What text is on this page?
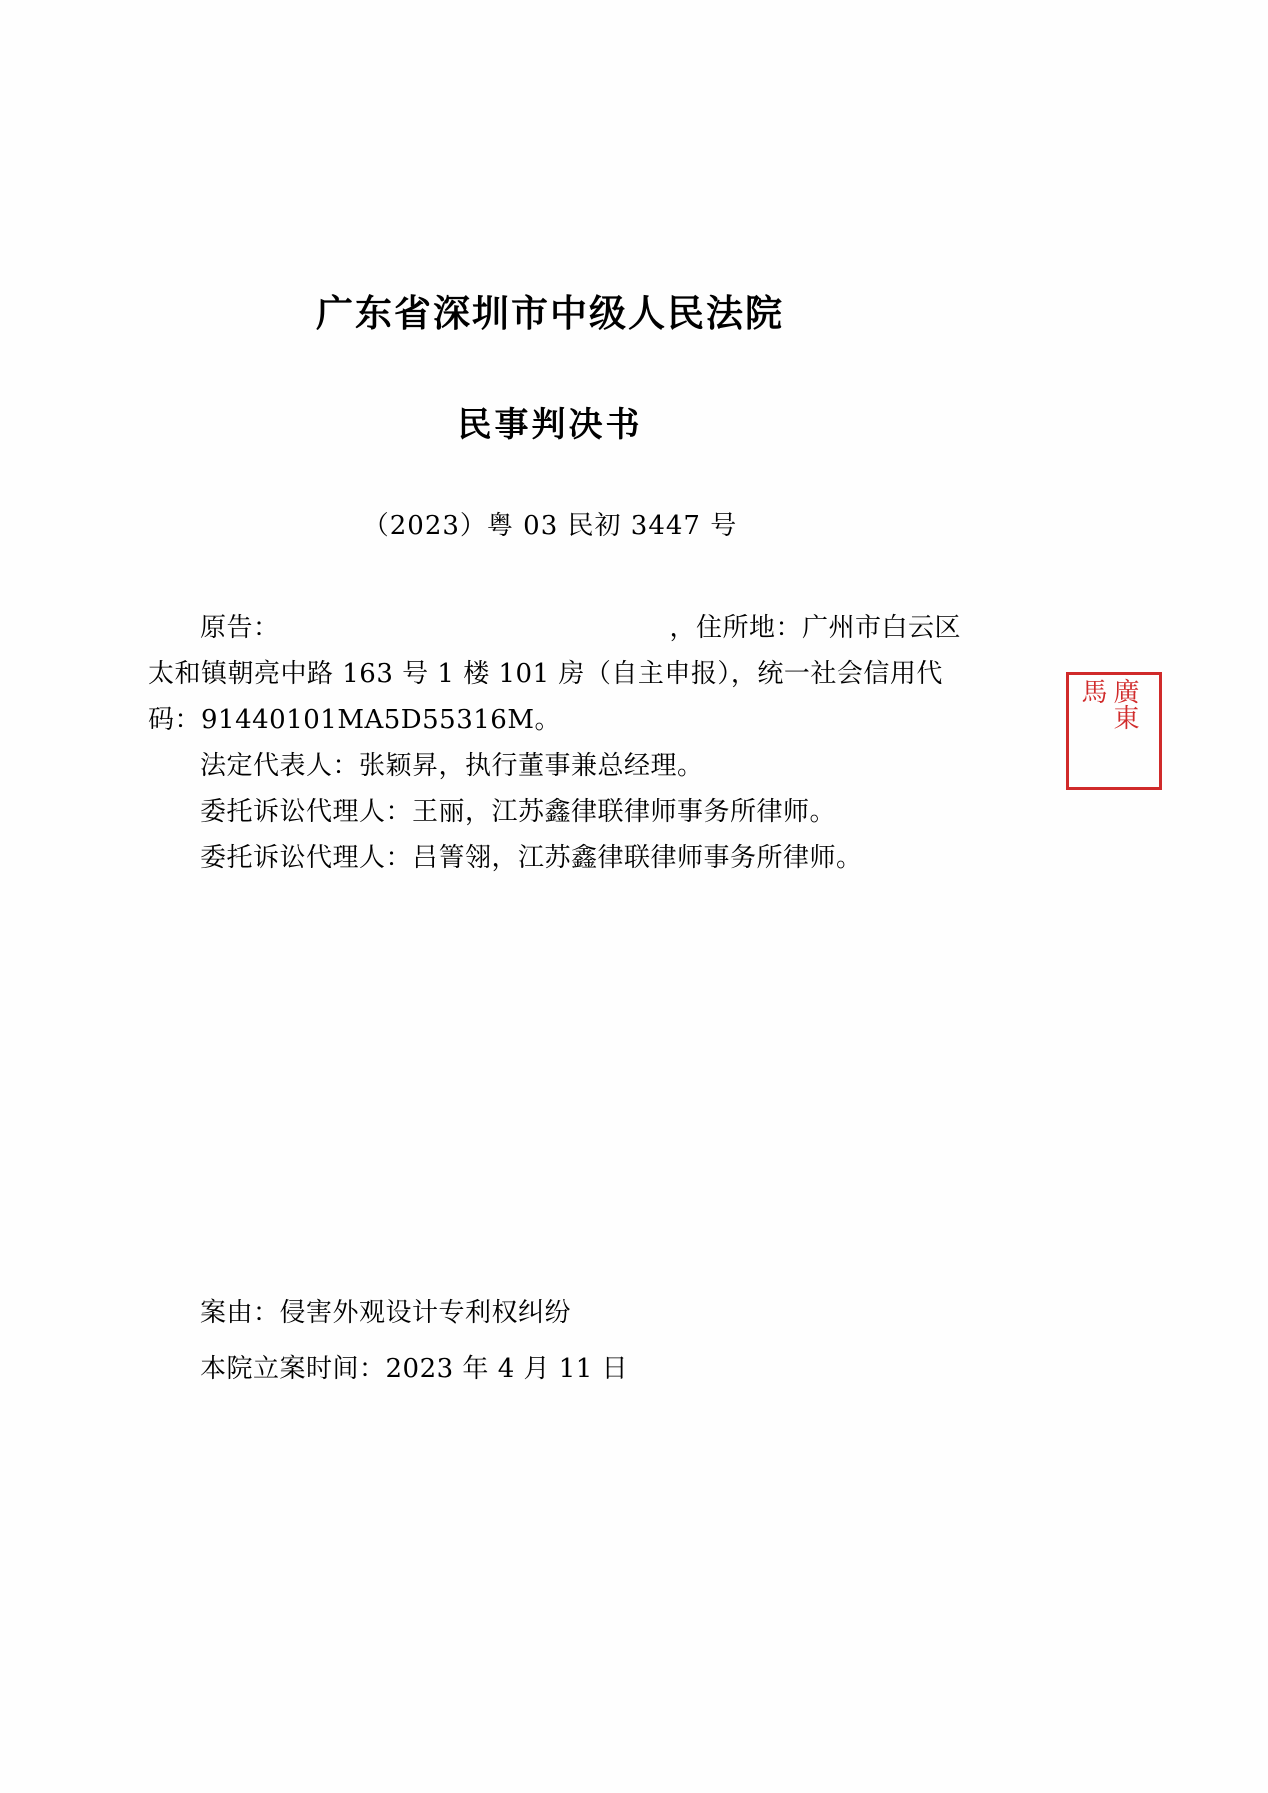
广东省深圳市中级人民法院
民事判决书
（2023）粤 03 民初 3447 号

原告：	，住所地：广州市白云区太和镇朝亮中路 163 号 1 楼 101 房（自主申报），统一社会信用代码：91440101MA5D55316M。

法定代表人：张颖昇，执行董事兼总经理。

委托诉讼代理人：王丽，江苏鑫律联律师事务所律师。

委托诉讼代理人：吕箐翎，江苏鑫律联律师事务所律师。

案由：侵害外观设计专利权纠纷

本院立案时间：2023 年 4 月 11 日

廣東
馬
